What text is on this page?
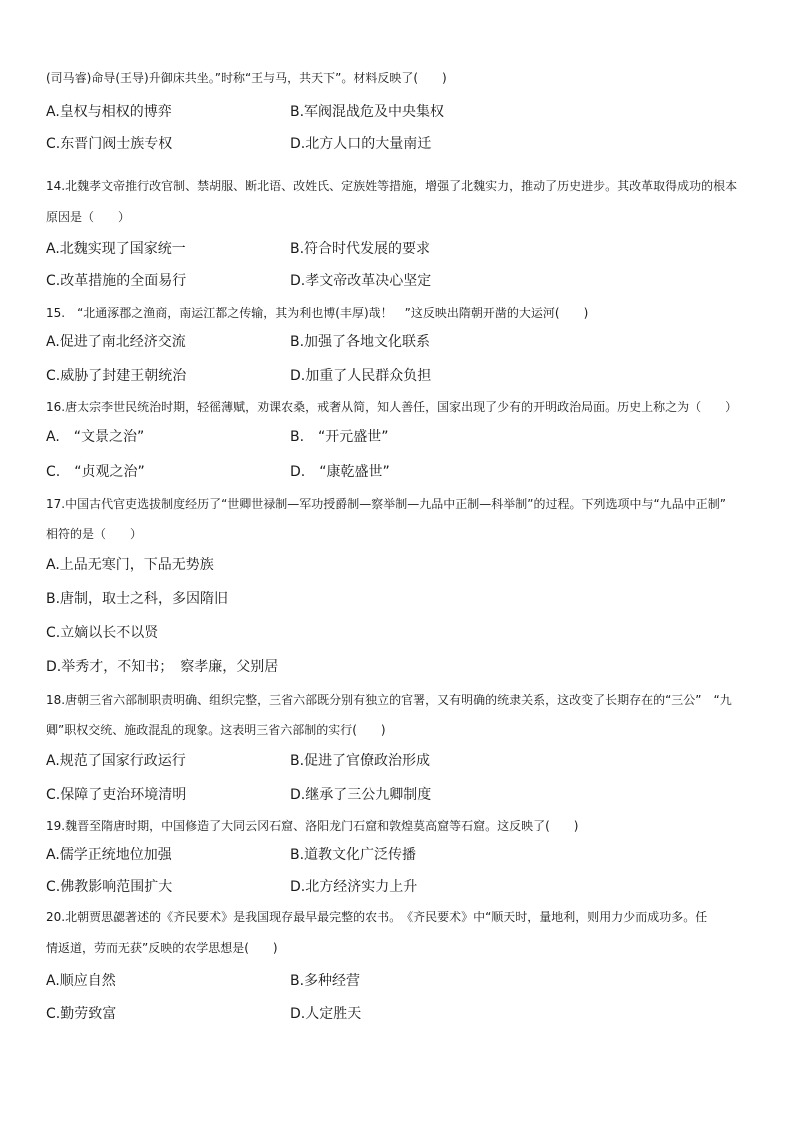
(司马睿)命导(王导)升御床共坐。”时称“王与马，共天下”。材料反映了(　　)
A.皇权与相权的博弈	B.军阀混战危及中央集权
C.东晋门阀士族专权	D.北方人口的大量南迁
14.北魏孝文帝推行改官制、禁胡服、断北语、改姓氏、定族姓等措施，增强了北魏实力，推动了历史进步。其改革取得成功的根本
原因是（　　）
A.北魏实现了国家统一	B.符合时代发展的要求
C.改革措施的全面易行	D.孝文帝改革决心坚定
15.　“北通涿郡之渔商，南运江都之传输，其为利也博(丰厚)哉！　”这反映出隋朝开凿的大运河(　　)
A.促进了南北经济交流	B.加强了各地文化联系
C.威胁了封建王朝统治	D.加重了人民群众负担
16.唐太宗李世民统治时期，轻徭薄赋，劝课农桑，戒奢从简，知人善任，国家出现了少有的开明政治局面。历史上称之为（　　）
A.　“文景之治”	B.　“开元盛世”
C.　“贞观之治”	D.　“康乾盛世”
17.中国古代官吏选拔制度经历了“世卿世禄制—军功授爵制—察举制—九品中正制—科举制”的过程。下列选项中与“九品中正制”
相符的是（　　）
A.上品无寒门，下品无势族
B.唐制，取士之科，多因隋旧
C.立嫡以长不以贤
D.举秀才，不知书；　察孝廉，父别居
18.唐朝三省六部制职责明确、组织完整，三省六部既分别有独立的官署，又有明确的统隶关系，这改变了长期存在的“三公”　“九
卿”职权交统、施政混乱的现象。这表明三省六部制的实行(　　)
A.规范了国家行政运行	B.促进了官僚政治形成
C.保障了吏治环境清明	D.继承了三公九卿制度
19.魏晋至隋唐时期，中国修造了大同云冈石窟、洛阳龙门石窟和敦煌莫高窟等石窟。这反映了(　　)
A.儒学正统地位加强	B.道教文化广泛传播
C.佛教影响范围扩大	D.北方经济实力上升
20.北朝贾思勰著述的《齐民要术》是我国现存最早最完整的农书。　《齐民要术》中“顺天时，量地利，则用力少而成功多。任
情返道，劳而无获”反映的农学思想是(　　)
A.顺应自然	B.多种经营
C.勤劳致富	D.人定胜天
